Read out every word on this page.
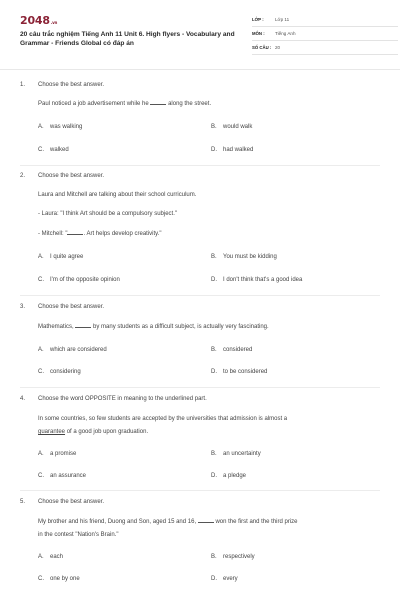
2048.vn
20 câu trắc nghiệm Tiếng Anh 11 Unit 6. High flyers - Vocabulary and Grammar - Friends Global có đáp án
LỚP : Lớp 11
MÔN : Tiếng Anh
SỐ CÂU : 20
1. Choose the best answer.
Paul noticed a job advertisement while he	along the street.
A. was walking	B. would walk
C. walked	D. had walked
2. Choose the best answer.
Laura and Mitchell are talking about their school curriculum.
- Laura: "I think Art should be a compulsory subject."
- Mitchell: "	. Art helps develop creativity."
A. I quite agree	B. You must be kidding
C. I'm of the opposite opinion	D. I don't think that's a good idea
3. Choose the best answer.
Mathematics,	by many students as a difficult subject, is actually very fascinating.
A. which are considered	B. considered
C. considering	D. to be considered
4. Choose the word OPPOSITE in meaning to the underlined part.
In some countries, so few students are accepted by the universities that admission is almost a
guarantee of a good job upon graduation.
A. a promise	B. an uncertainty
C. an assurance	D. a pledge
5. Choose the best answer.
My brother and his friend, Duong and Son, aged 15 and 16,	won the first and the third prize
in the contest "Nation's Brain."
A. each	B. respectively
C. one by one	D. every
